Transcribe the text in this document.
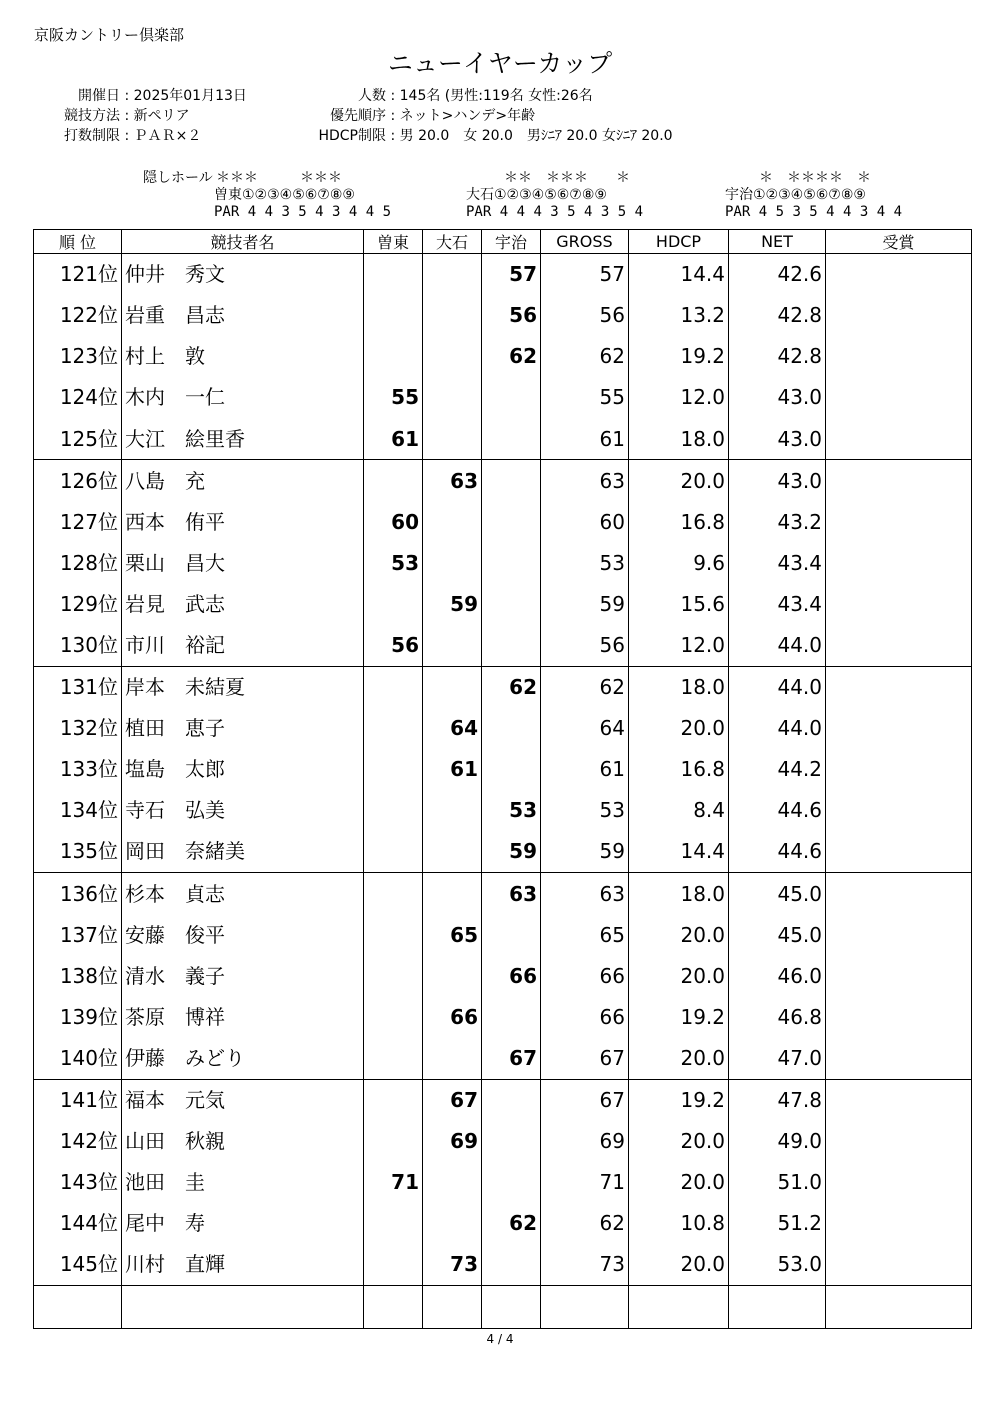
京阪カントリー倶楽部
ニューイヤーカップ
開催日 : 2025年01月13日
競技方法 : 新ペリア
打数制限 : ＰＡＲ×２
人数 : 145名 (男性:119名 女性:26名
優先順序 : ネット>ハンデ>年齢
HDCP制限 : 男 20.0　女 20.0　男ｼﾆｱ 20.0 女ｼﾆｱ 20.0
隠しホール ＊＊＊　　　＊＊＊
曽東①②③④⑤⑥⑦⑧⑨
PAR 4 4 3 5 4 3 4 4 5
＊＊　＊＊＊　　＊
大石①②③④⑤⑥⑦⑧⑨
PAR 4 4 4 3 5 4 3 5 4
＊　＊＊＊＊　＊
宇治①②③④⑤⑥⑦⑧⑨
PAR 4 5 3 5 4 4 3 4 4
順 位	競技者名	曽東	大石	宇治	GROSS	HDCP	NET	受賞
121位	仲井　秀文			57	57	14.4	42.6	
122位	岩重　昌志			56	56	13.2	42.8	
123位	村上　敦			62	62	19.2	42.8	
124位	木内　一仁	55			55	12.0	43.0	
125位	大江　絵里香	61			61	18.0	43.0	
126位	八島　充		63		63	20.0	43.0	
127位	西本　侑平	60			60	16.8	43.2	
128位	栗山　昌大	53			53	9.6	43.4	
129位	岩見　武志		59		59	15.6	43.4	
130位	市川　裕記	56			56	12.0	44.0	
131位	岸本　未結夏			62	62	18.0	44.0	
132位	植田　恵子		64		64	20.0	44.0	
133位	塩島　太郎		61		61	16.8	44.2	
134位	寺石　弘美			53	53	8.4	44.6	
135位	岡田　奈緒美			59	59	14.4	44.6	
136位	杉本　貞志			63	63	18.0	45.0	
137位	安藤　俊平		65		65	20.0	45.0	
138位	清水　義子			66	66	20.0	46.0	
139位	茶原　博祥		66		66	19.2	46.8	
140位	伊藤　みどり			67	67	20.0	47.0	
141位	福本　元気		67		67	19.2	47.8	
142位	山田　秋親		69		69	20.0	49.0	
143位	池田　圭	71			71	20.0	51.0	
144位	尾中　寿			62	62	10.8	51.2	
145位	川村　直輝		73		73	20.0	53.0	

4 / 4
